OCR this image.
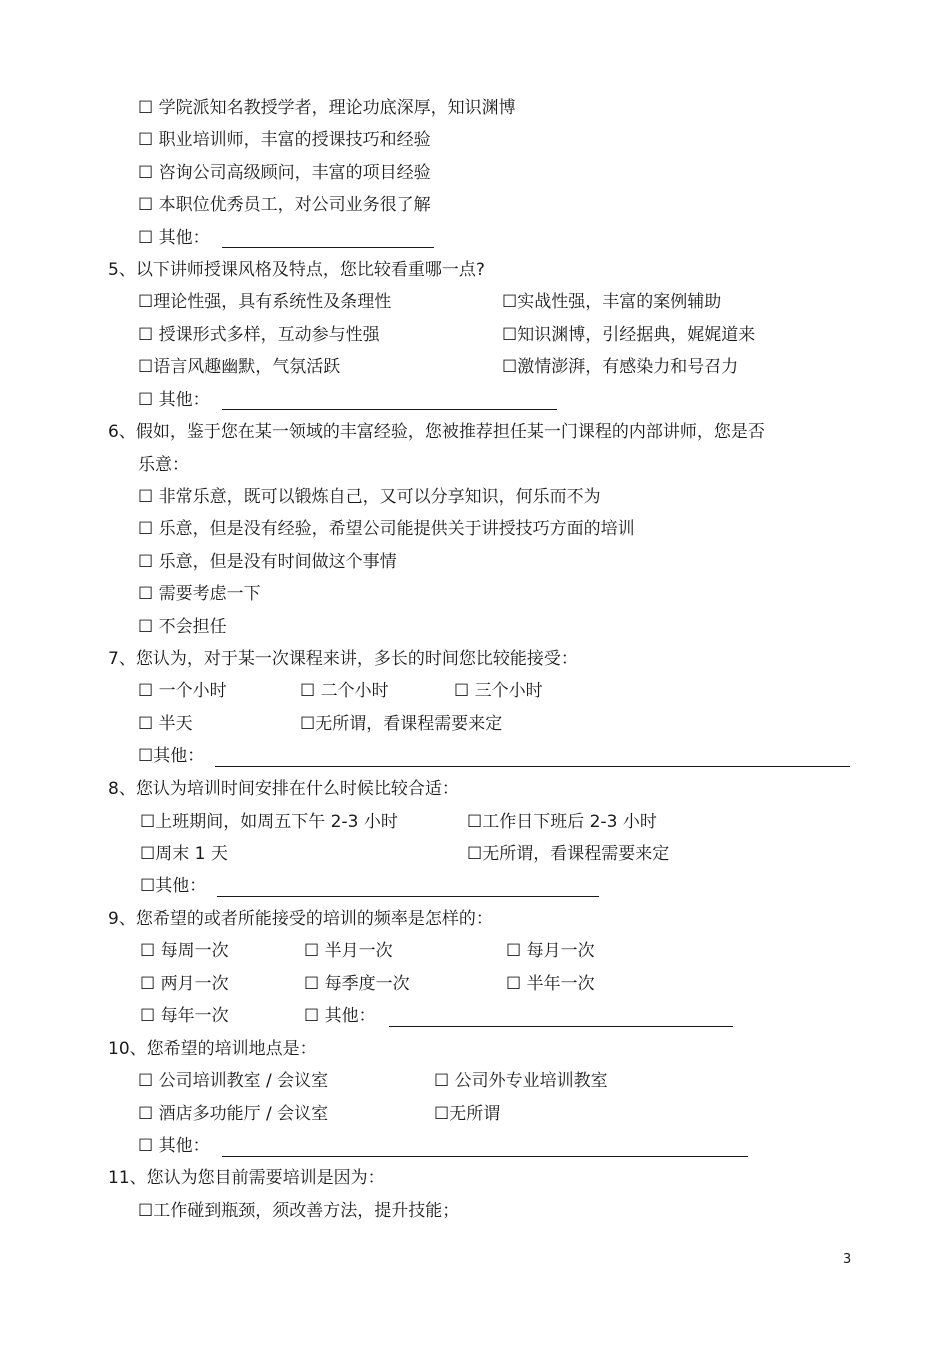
☐ 学院派知名教授学者，理论功底深厚，知识渊博
☐ 职业培训师，丰富的授课技巧和经验
☐ 咨询公司高级顾问，丰富的项目经验
☐ 本职位优秀员工，对公司业务很了解
☐ 其他：
5、以下讲师授课风格及特点，您比较看重哪一点?
☐理论性强，具有系统性及条理性	☐实战性强，丰富的案例辅助
☐ 授课形式多样，互动参与性强	☐知识渊博，引经据典，娓娓道来
☐语言风趣幽默，气氛活跃	☐激情澎湃，有感染力和号召力
☐ 其他：
6、假如，鉴于您在某一领域的丰富经验，您被推荐担任某一门课程的内部讲师，您是否
乐意：
☐ 非常乐意，既可以锻炼自己，又可以分享知识，何乐而不为
☐ 乐意，但是没有经验，希望公司能提供关于讲授技巧方面的培训
☐ 乐意，但是没有时间做这个事情
☐ 需要考虑一下
☐ 不会担任
7、您认为，对于某一次课程来讲，多长的时间您比较能接受：
☐ 一个小时	☐ 二个小时	☐ 三个小时
☐ 半天	☐无所谓，看课程需要来定
☐其他：
8、您认为培训时间安排在什么时候比较合适：
☐上班期间，如周五下午 2-3 小时	☐工作日下班后 2-3 小时
☐周末 1 天	☐无所谓，看课程需要来定
☐其他：
9、您希望的或者所能接受的培训的频率是怎样的：
☐ 每周一次	☐ 半月一次	☐ 每月一次
☐ 两月一次	☐ 每季度一次	☐ 半年一次
☐ 每年一次	☐ 其他：
10、您希望的培训地点是：
☐ 公司培训教室 / 会议室	☐ 公司外专业培训教室
☐ 酒店多功能厅 / 会议室	☐无所谓
☐ 其他：
11、您认为您目前需要培训是因为：
☐工作碰到瓶颈，须改善方法，提升技能；
3
